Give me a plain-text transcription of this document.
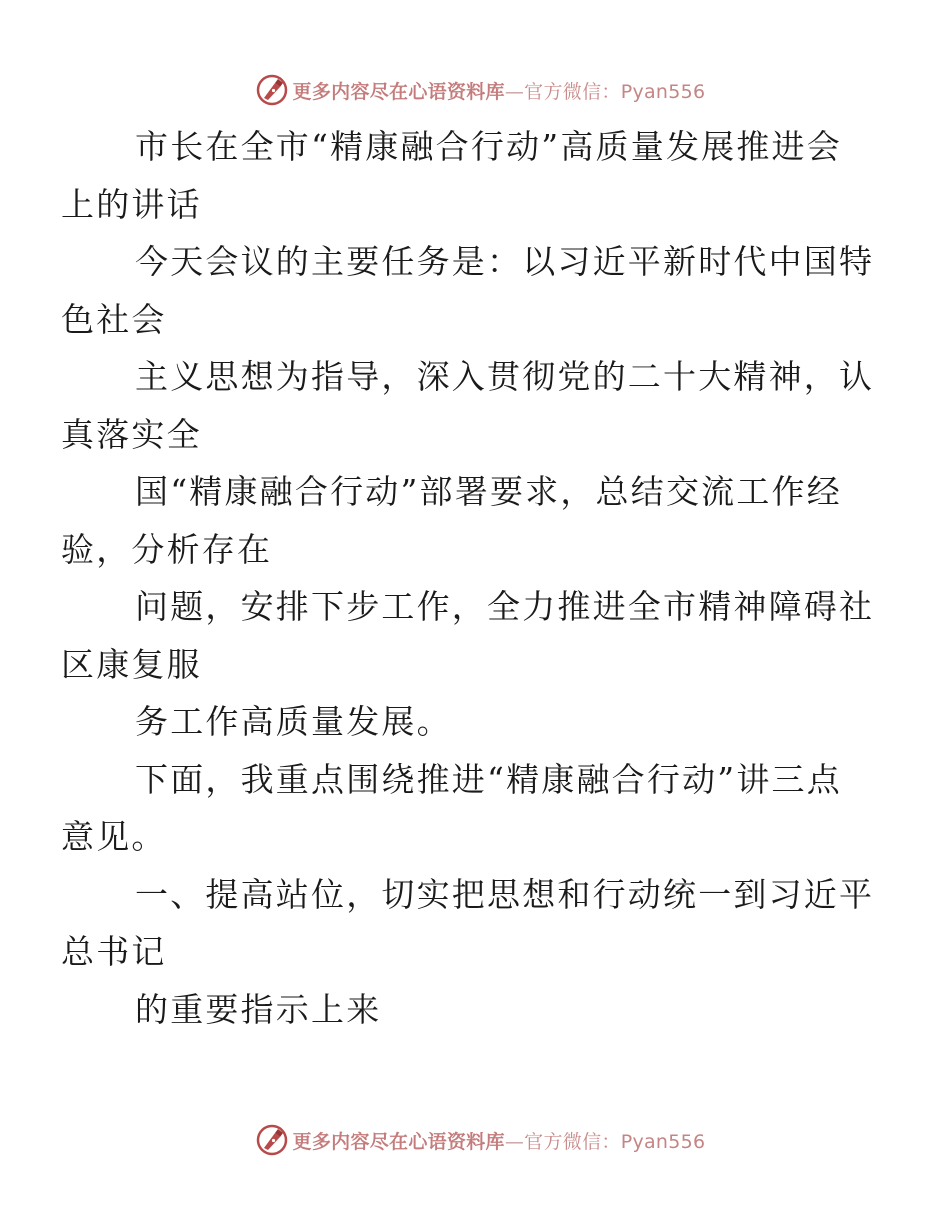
更多内容尽在心语资料库—官方微信：Pyan556

市长在全市“精康融合行动”高质量发展推进会
上的讲话

今天会议的主要任务是：以习近平新时代中国特
色社会

主义思想为指导，深入贯彻党的二十大精神，认
真落实全

国“精康融合行动”部署要求，总结交流工作经
验，分析存在

问题，安排下步工作，全力推进全市精神障碍社
区康复服

务工作高质量发展。

下面，我重点围绕推进“精康融合行动”讲三点
意见。

一、提高站位，切实把思想和行动统一到习近平
总书记

的重要指示上来

更多内容尽在心语资料库—官方微信：Pyan556
